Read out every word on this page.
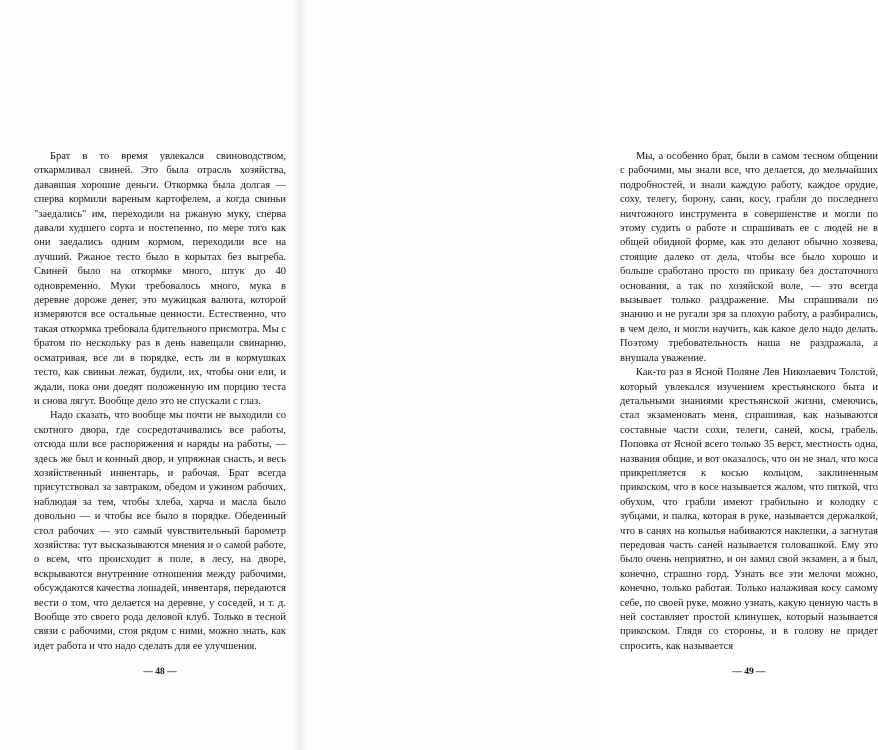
Брат в то время увлекался свиноводством, откармливал свиней. Это была отрасль хозяйства, дававшая хорошие деньги. Откормка была долгая — сперва кормили вареным картофелем, а когда свиньи "заедались" им, переходили на ржаную муку, сперва давали худшего сорта и постепенно, по мере того как они заедались одним кормом, переходили все на лучший. Ржаное тесто было в корытах без выгреба. Свиней было на откормке много, штук до 40 одновременно. Муки требовалось много, мука в деревне дороже денег, это мужицкая валюта, которой измеряются все остальные ценности. Естественно, что такая откормка требовала бдительного присмотра. Мы с братом по нескольку раз в день навещали свинарню, осматривая, все ли в порядке, есть ли в кормушках тесто, как свиньи лежат, будили, их, чтобы они ели, и ждали, пока они доедят положенную им порцию теста и снова лягут. Вообще дело это не спускали с глаз.

Надо сказать, что вообще мы почти не выходили со скотного двора, где сосредотачивались все работы, отсюда шли все распоряжения и наряды на работы, — здесь же был и конный двор, и упряжная снасть, и весь хозяйственный инвентарь, и рабочая. Брат всегда присутствовал за завтраком, обедом и ужином рабочих, наблюдая за тем, чтобы хлеба, харча и масла было довольно — и чтобы все было в порядке. Обеденный стол рабочих — это самый чувствительный барометр хозяйства: тут высказываются мнения и о самой работе, о всем, что происходит в поле, в лесу, на дворе, вскрываются внутренние отношения между рабочими, обсуждаются качества лошадей, инвентаря, передаются вести о том, что делается на деревне, у соседей, и т. д. Вообще это своего рода деловой клуб. Только в тесной связи с рабочими, стоя рядом с ними, можно знать, как идет работа и что надо сделать для ее улучшения.

— 48 —

Мы, а особенно брат, были в самом тесном общении с рабочими, мы знали все, что делается, до мельчайших подробностей, и знали каждую работу, каждое орудие, соху, телегу, борону, сани, косу, грабли до последнего ничтожного инструмента в совершенстве и могли по этому судить о работе и спрашивать ее с людей не в общей обидной форме, как это делают обычно хозяева, стоящие далеко от дела, чтобы все было хорошо и больше сработано просто по приказу без достаточного основания, а так по хозяйской воле, — это всегда вызывает только раздражение. Мы спрашивали по знанию и не ругали зря за плохую работу, а разбирались, в чем дело, и могли научить, как какое дело надо делать. Поэтому требовательность наша не раздражала, а внушала уважение.

Как-то раз в Ясной Поляне Лев Николаевич Толстой, который увлекался изучением крестьянского быта и детальными знаниями крестьянской жизни, смеючись, стал экзаменовать меня, спрашивая, как называются составные части сохи, телеги, саней, косы, грабель. Поповка от Ясной всего только 35 верст, местность одна, названия общие, и вот оказалось, что он не знал, что коса прикрепляется к косью кольцом, заклиненным прикоском, что в косе называется жалом, что пяткой, что обухом, что грабли имеют грабилыно и колодку с зубцами, и палка, которая в руке, называется держалкой, что в санях на копылья набиваются наклепки, а загнутая передовая часть саней называется головашкой. Ему это было очень неприятно, и он замял свой экзамен, а я был, конечно, страшно горд. Узнать все эти мелочи можно, конечно, только работая. Только налаживая косу самому себе, по своей руке, можно узнать, какую ценную часть в ней составляет простой клинушек, который называется прикоском. Глядя со стороны, и в голову не придет спросить, как называется

— 49 —
